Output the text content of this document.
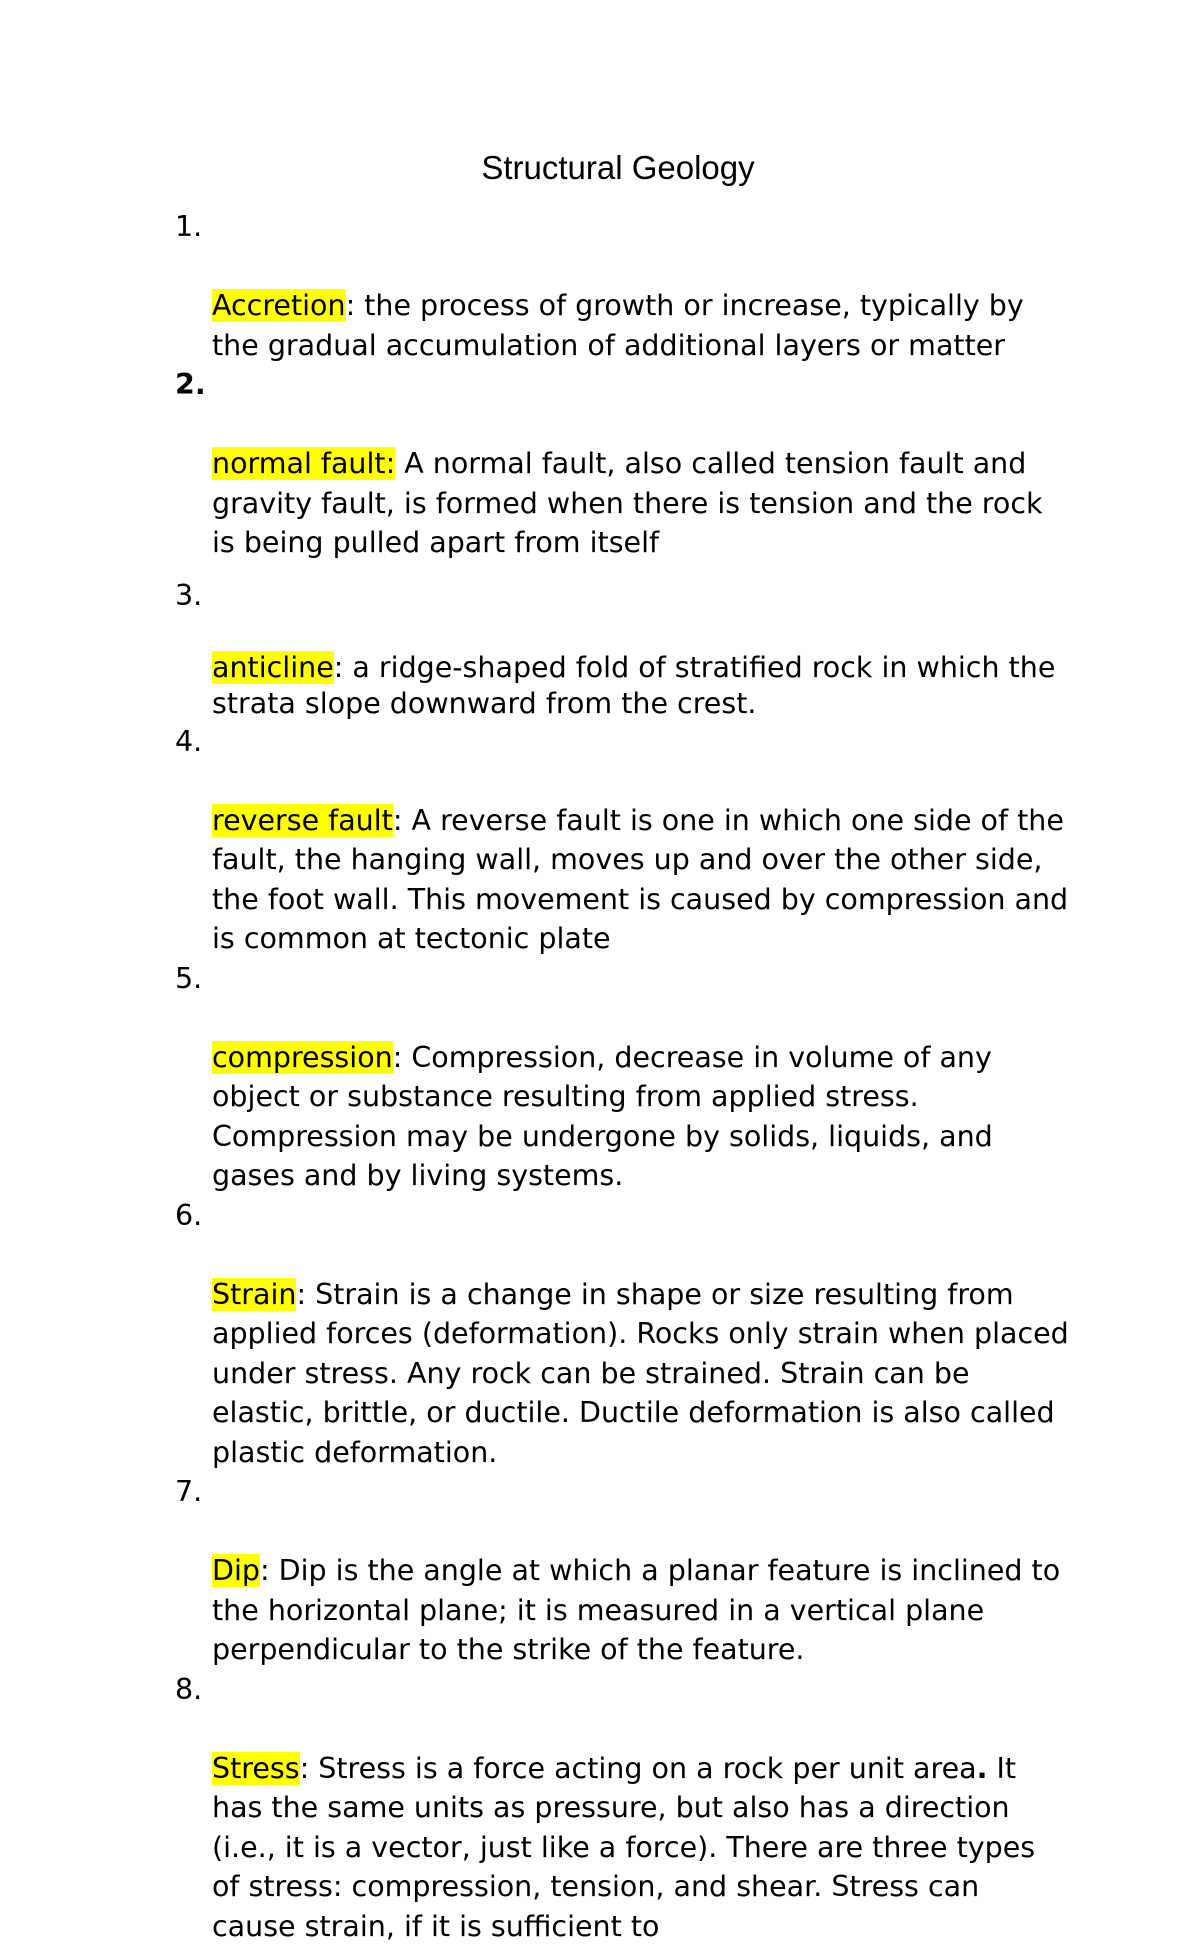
Structural Geology

1.

Accretion: the process of growth or increase, typically by the gradual accumulation of additional layers or matter

2.

normal fault: A normal fault, also called tension fault and gravity fault, is formed when there is tension and the rock is being pulled apart from itself

3.

anticline: a ridge-shaped fold of stratified rock in which the strata slope downward from the crest.

4.

reverse fault: A reverse fault is one in which one side of the fault, the hanging wall, moves up and over the other side, the foot wall. This movement is caused by compression and is common at tectonic plate

5.

compression: Compression, decrease in volume of any object or substance resulting from applied stress. Compression may be undergone by solids, liquids, and gases and by living systems.

6.

Strain: Strain is a change in shape or size resulting from applied forces (deformation). Rocks only strain when placed under stress. Any rock can be strained. Strain can be elastic, brittle, or ductile. Ductile deformation is also called plastic deformation.

7.

Dip: Dip is the angle at which a planar feature is inclined to the horizontal plane; it is measured in a vertical plane perpendicular to the strike of the feature.

8.

Stress: Stress is a force acting on a rock per unit area. It has the same units as pressure, but also has a direction (i.e., it is a vector, just like a force). There are three types of stress: compression, tension, and shear. Stress can cause strain, if it is sufficient to
